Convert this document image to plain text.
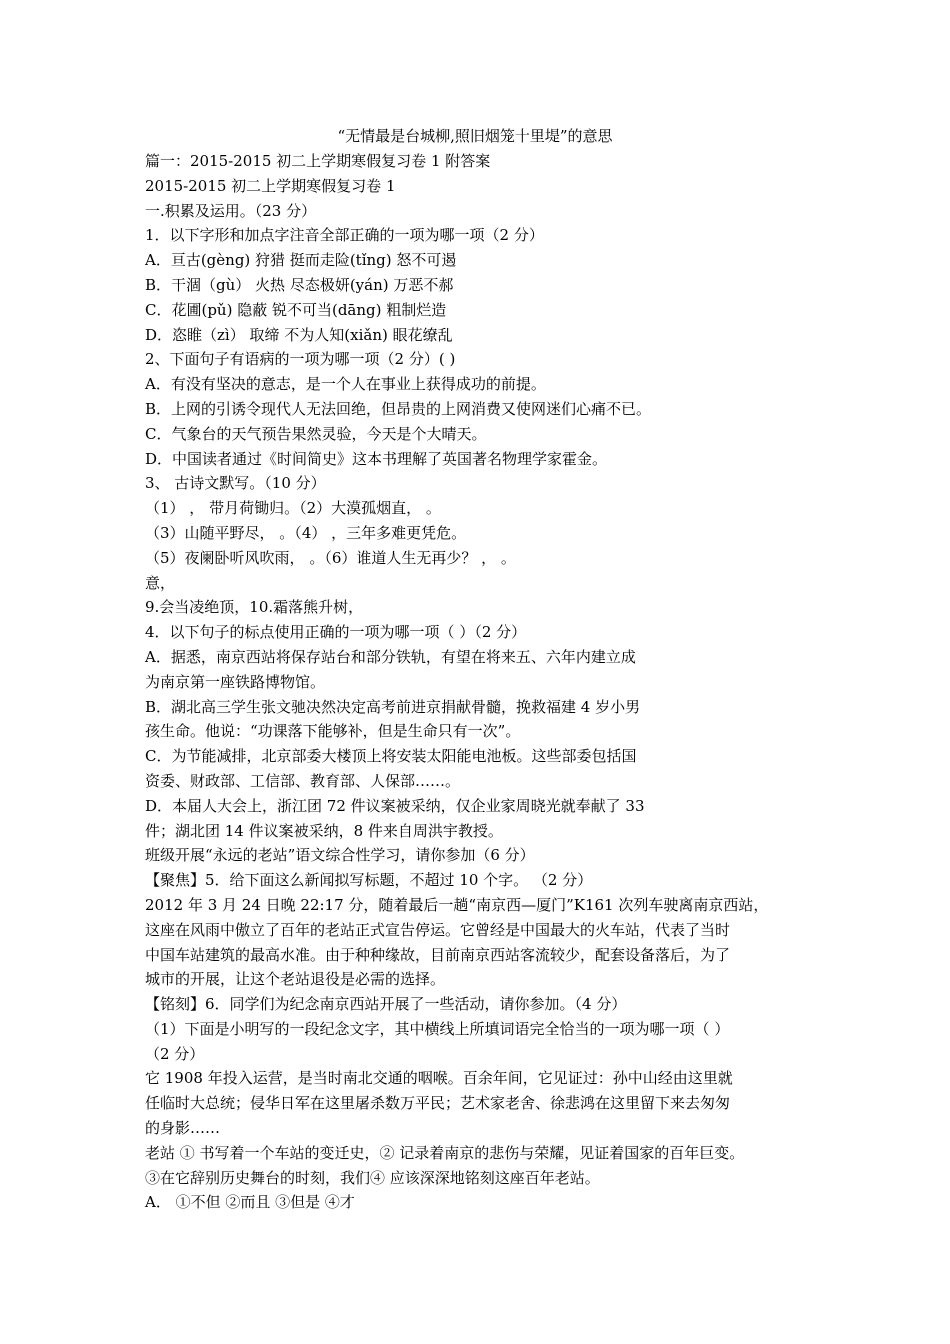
“无情最是台城柳,照旧烟笼十里堤”的意思
篇一：2015-2015 初二上学期寒假复习卷 1 附答案
2015-2015 初二上学期寒假复习卷 1
一.积累及运用。（23 分）
1．以下字形和加点字注音全部正确的一项为哪一项（2 分）
A．亘古(gèng) 狩猎 挺而走险(tǐng) 怒不可遏
B．干涸（gù） 火热 尽态极妍(yán) 万恶不郝
C．花圃(pǔ) 隐蔽 锐不可当(dāng) 粗制烂造
D．恣睢（zì） 取缔 不为人知(xiǎn) 眼花缭乱
2、下面句子有语病的一项为哪一项（2 分）( )
A．有没有坚决的意志，是一个人在事业上获得成功的前提。
B．上网的引诱令现代人无法回绝，但昂贵的上网消费又使网迷们心痛不已。
C．气象台的天气预告果然灵验，今天是个大晴天。
D．中国读者通过《时间简史》这本书理解了英国著名物理学家霍金。
3、 古诗文默写。（10 分）
（1） ， 带月荷锄归。（2）大漠孤烟直， 。
（3）山随平野尽， 。（4） ，三年多难更凭危。
（5）夜阑卧听风吹雨， 。（6）谁道人生无再少？ ， 。
意，
9.会当凌绝顶，10.霜落熊升树，
4．以下句子的标点使用正确的一项为哪一项（ ）（2 分）
A．据悉，南京西站将保存站台和部分铁轨，有望在将来五、六年内建立成
为南京第一座铁路博物馆。
B．湖北高三学生张文驰决然决定高考前进京捐献骨髓，挽救福建 4 岁小男
孩生命。他说：“功课落下能够补，但是生命只有一次”。
C．为节能减排，北京部委大楼顶上将安装太阳能电池板。这些部委包括国
资委、财政部、工信部、教育部、人保部……。
D．本届人大会上，浙江团 72 件议案被采纳，仅企业家周晓光就奉献了 33
件；湖北团 14 件议案被采纳，8 件来自周洪宇教授。
班级开展“永远的老站”语文综合性学习，请你参加（6 分）
【聚焦】5．给下面这么新闻拟写标题，不超过 10 个字。 （2 分）
2012 年 3 月 24 日晚 22:17 分，随着最后一趟“南京西—厦门”K161 次列车驶离南京西站，
这座在风雨中傲立了百年的老站正式宣告停运。它曾经是中国最大的火车站，代表了当时
中国车站建筑的最高水准。由于种种缘故，目前南京西站客流较少，配套设备落后，为了
城市的开展，让这个老站退役是必需的选择。
【铭刻】6．同学们为纪念南京西站开展了一些活动，请你参加。（4 分）
（1）下面是小明写的一段纪念文字，其中横线上所填词语完全恰当的一项为哪一项（ ）
（2 分）
它 1908 年投入运营，是当时南北交通的咽喉。百余年间，它见证过：孙中山经由这里就
任临时大总统；侵华日军在这里屠杀数万平民；艺术家老舍、徐悲鸿在这里留下来去匆匆
的身影……
老站 ① 书写着一个车站的变迁史，② 记录着南京的悲伤与荣耀，见证着国家的百年巨变。
③在它辞别历史舞台的时刻，我们④ 应该深深地铭刻这座百年老站。
A． ①不但 ②而且 ③但是 ④才
